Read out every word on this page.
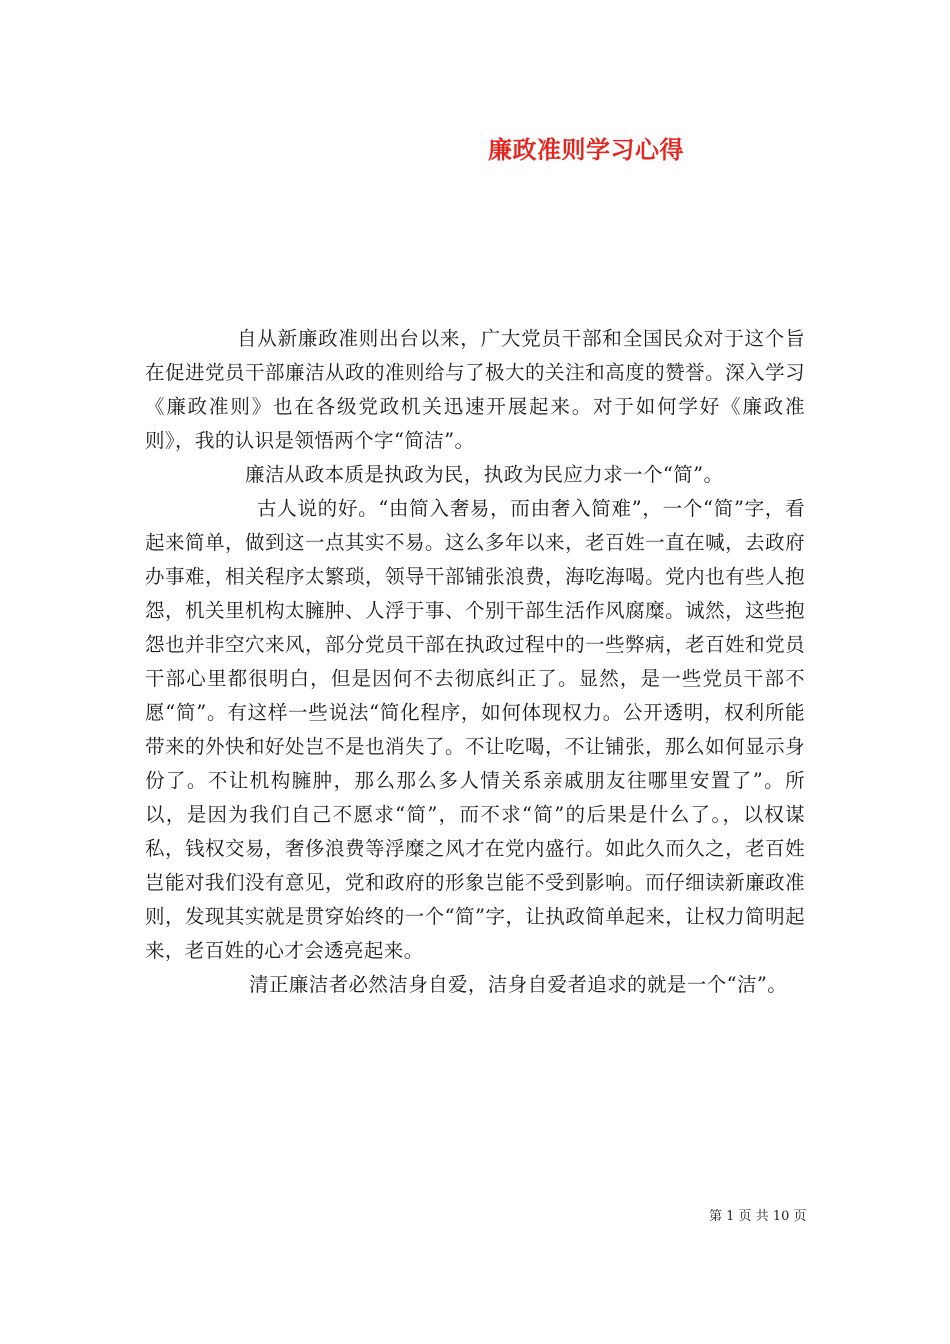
廉政准则学习心得

自从新廉政准则出台以来，广大党员干部和全国民众对于这个旨在促进党员干部廉洁从政的准则给与了极大的关注和高度的赞誉。深入学习《廉政准则》也在各级党政机关迅速开展起来。对于如何学好《廉政准则》，我的认识是领悟两个字“简洁”。

廉洁从政本质是执政为民，执政为民应力求一个“简”。

古人说的好。“由简入奢易，而由奢入简难”，一个“简”字，看起来简单，做到这一点其实不易。这么多年以来，老百姓一直在喊，去政府办事难，相关程序太繁琐，领导干部铺张浪费，海吃海喝。党内也有些人抱怨，机关里机构太臃肿、人浮于事、个别干部生活作风腐糜。诚然，这些抱怨也并非空穴来风，部分党员干部在执政过程中的一些弊病，老百姓和党员干部心里都很明白，但是因何不去彻底纠正了。显然，是一些党员干部不愿“简”。有这样一些说法“简化程序，如何体现权力。公开透明，权利所能带来的外快和好处岂不是也消失了。不让吃喝，不让铺张，那么如何显示身份了。不让机构臃肿，那么那么多人情关系亲戚朋友往哪里安置了”。所以，是因为我们自己不愿求“简”，而不求“简”的后果是什么了。，以权谋私，钱权交易，奢侈浪费等浮糜之风才在党内盛行。如此久而久之，老百姓岂能对我们没有意见，党和政府的形象岂能不受到影响。而仔细读新廉政准则，发现其实就是贯穿始终的一个“简”字，让执政简单起来，让权力简明起来，老百姓的心才会透亮起来。

清正廉洁者必然洁身自爱，洁身自爱者追求的就是一个“洁”。

第 1 页 共 10 页
